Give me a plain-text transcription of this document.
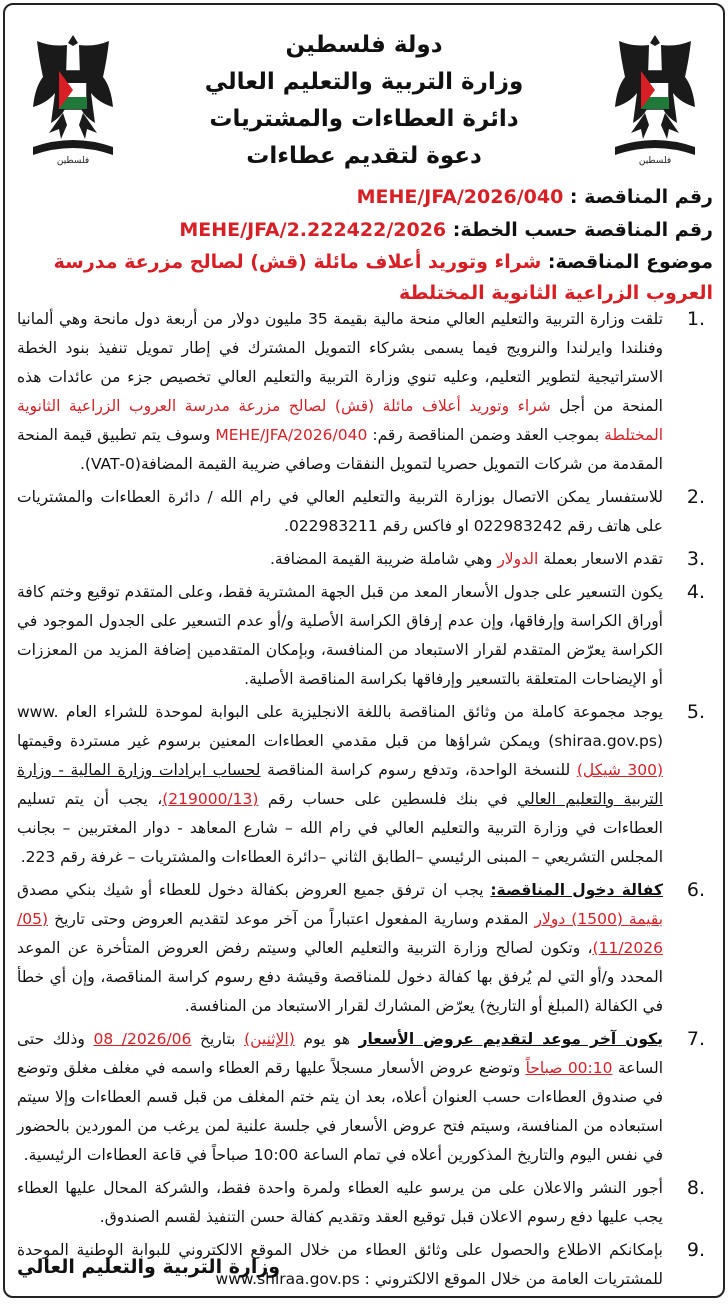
فلسطين
فلسطين
دولة فلسطين
وزارة التربية والتعليم العالي
دائرة العطاءات والمشتريات
دعوة لتقديم عطاءات
رقم المناقصة : MEHE/JFA/2026/040
رقم المناقصة حسب الخطة: MEHE/JFA/2.222422/2026
موضوع المناقصة: شراء وتوريد أعلاف مائلة (قش) لصالح مزرعة مدرسة العروب الزراعية الثانوية المختلطة
1.
تلقت وزارة التربية والتعليم العالي منحة مالية بقيمة 35 مليون دولار من أربعة دول مانحة وهي ألمانيا وفنلندا وايرلندا والنرويج فيما يسمى بشركاء التمويل المشترك في إطار تمويل تنفيذ بنود الخطة الاستراتيجية لتطوير التعليم، وعليه تنوي وزارة التربية والتعليم العالي تخصيص جزء من عائدات هذه المنحة من أجل شراء وتوريد أعلاف مائلة (قش) لصالح مزرعة مدرسة العروب الزراعية الثانوية المختلطة بموجب العقد وضمن المناقصة رقم: MEHE/JFA/2026/040 وسوف يتم تطبيق قيمة المنحة المقدمة من شركات التمويل حصريا لتمويل النفقات وصافي ضريبة القيمة المضافة(0-VAT).
2.
للاستفسار يمكن الاتصال بوزارة التربية والتعليم العالي في رام الله / دائرة العطاءات والمشتريات على هاتف رقم 022983242 او فاكس رقم 022983211.
3.
تقدم الاسعار بعملة الدولار وهي شاملة ضريبة القيمة المضافة.
4.
يكون التسعير على جدول الأسعار المعد من قبل الجهة المشترية فقط، وعلى المتقدم توقيع وختم كافة أوراق الكراسة وإرفاقها، وإن عدم إرفاق الكراسة الأصلية و/أو عدم التسعير على الجدول الموجود في الكراسة يعرّض المتقدم لقرار الاستبعاد من المنافسة، وبإمكان المتقدمين إضافة المزيد من المعززات أو الإيضاحات المتعلقة بالتسعير وإرفاقها بكراسة المناقصة الأصلية.
5.
يوجد مجموعة كاملة من وثائق المناقصة باللغة الانجليزية على البوابة لموحدة للشراء العام www. (shiraa.gov.ps) ويمكن شراؤها من قبل مقدمي العطاءات المعنين برسوم غير مستردة وقيمتها (300 شيكل) للنسخة الواحدة، وتدفع رسوم كراسة المناقصة لحساب ايرادات وزارة المالية - وزارة التربية والتعليم العالي في بنك فلسطين على حساب رقم (219000/13)، يجب أن يتم تسليم العطاءات في وزارة التربية والتعليم العالي في رام الله – شارع المعاهد - دوار المغتربين – بجانب المجلس التشريعي – المبنى الرئيسي –الطابق الثاني –دائرة العطاءات والمشتريات – غرفة رقم 223.
6.
كفالة دخول المناقصة: يجب ان ترفق جميع العروض بكفالة دخول للعطاء أو شيك بنكي مصدق بقيمة (1500) دولار المقدم وسارية المفعول اعتباراً من آخر موعد لتقديم العروض وحتى تاريخ (05/ 11/2026)، وتكون لصالح وزارة التربية والتعليم العالي وسيتم رفض العروض المتأخرة عن الموعد المحدد و/أو التي لم يُرفق بها كفالة دخول للمناقصة وقيشة دفع رسوم كراسة المناقصة، وإن أي خطأ في الكفالة (المبلغ أو التاريخ) يعرّض المشارك لقرار الاستبعاد من المنافسة.
7.
يكون آخر موعد لتقديم عروض الأسعار هو يوم (الإثنين) بتاريخ 2026/06/ 08 وذلك حتى الساعة 00:10 صباحاً وتوضع عروض الأسعار مسجلاً عليها رقم العطاء واسمه في مغلف مغلق وتوضع في صندوق العطاءات حسب العنوان أعلاه، بعد ان يتم ختم المغلف من قبل قسم العطاءات وإلا سيتم استبعاده من المنافسة، وسيتم فتح عروض الأسعار في جلسة علنية لمن يرغب من الموردين بالحضور في نفس اليوم والتاريخ المذكورين أعلاه في تمام الساعة 10:00 صباحاً في قاعة العطاءات الرئيسية.
8.
أجور النشر والاعلان على من يرسو عليه العطاء ولمرة واحدة فقط، والشركة المحال عليها العطاء يجب عليها دفع رسوم الاعلان قبل توقيع العقد وتقديم كفالة حسن التنفيذ لقسم الصندوق.
9.
بإمكانكم الاطلاع والحصول على وثائق العطاء من خلال الموقع الالكتروني للبوابة الوطنية الموحدة للمشتريات العامة من خلال الموقع الالكتروني : www.shiraa.gov.ps
وزارة التربية والتعليم العالي
